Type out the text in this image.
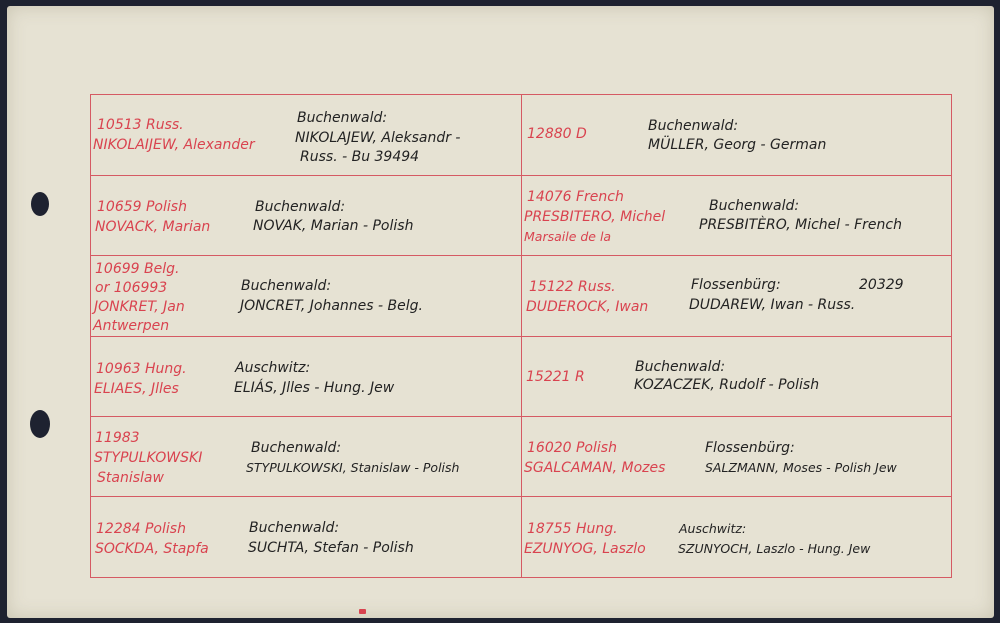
10513 Russ.
NIKOLAIJEW, Alexander
Buchenwald:
NIKOLAJEW, Aleksandr -
Russ. - Bu 39494
12880 D	Buchenwald:
MÜLLER, Georg - German
10659 Polish
NOVACK, Marian
Buchenwald:
NOVAK, Marian - Polish
14076 French
PRESBITERO, Michel
Marsaile de la
Buchenwald:
PRESBITÈRO, Michel - French
10699 Belg.
or 106993
JONKRET, Jan
Antwerpen
Buchenwald:
JONCRET, Johannes - Belg.
15122 Russ.
DUDEROCK, Iwan
Flossenbürg:	20329
DUDAREW, Iwan - Russ.
10963 Hung.
ELIAES, Jlles
Auschwitz:
ELIÁS, Jlles - Hung. Jew
15221 R
Buchenwald:
KOZACZEK, Rudolf - Polish
11983
STYPULKOWSKI
Stanislaw
Buchenwald:
STYPULKOWSKI, Stanislaw - Polish
16020 Polish
SGALCAMAN, Mozes
Flossenbürg:
SALZMANN, Moses - Polish Jew
12284 Polish
SOCKDA, Stapfa
Buchenwald:
SUCHTA, Stefan - Polish
18755 Hung.
EZUNYOG, Laszlo
Auschwitz:
SZUNYOCH, Laszlo - Hung. Jew
